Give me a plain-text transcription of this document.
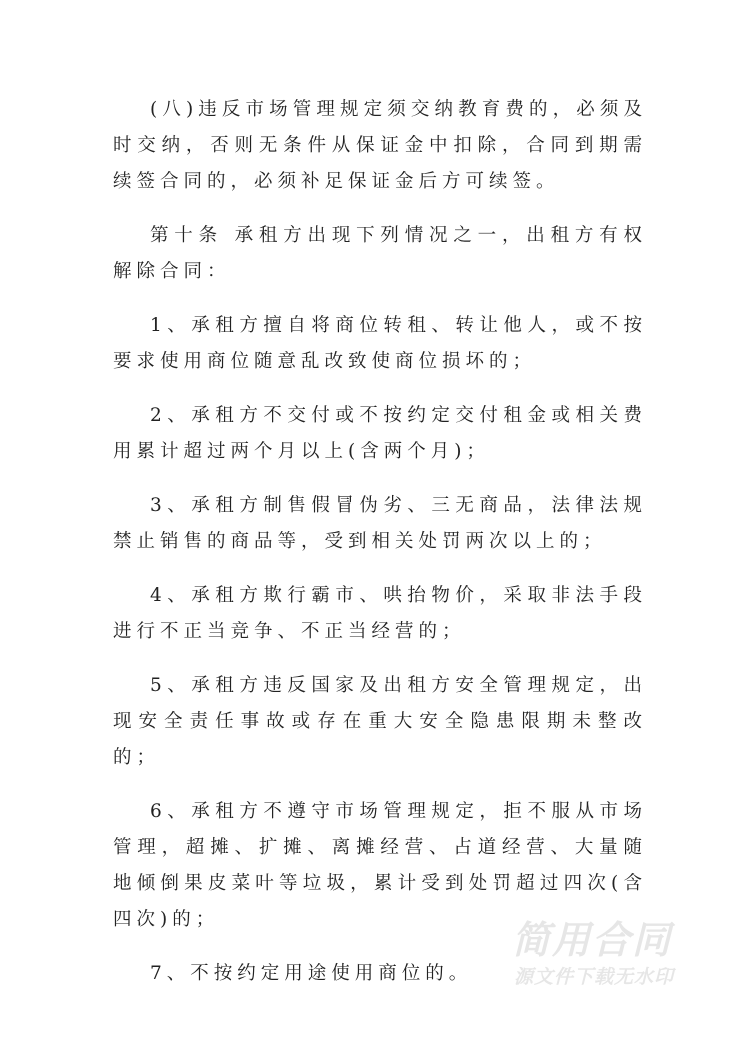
(八)违反市场管理规定须交纳教育费的，必须及时交纳，否则无条件从保证金中扣除，合同到期需续签合同的，必须补足保证金后方可续签。

第十条 承租方出现下列情况之一，出租方有权解除合同：

1、承租方擅自将商位转租、转让他人，或不按要求使用商位随意乱改致使商位损坏的；

2、承租方不交付或不按约定交付租金或相关费用累计超过两个月以上(含两个月)；

3、承租方制售假冒伪劣、三无商品，法律法规禁止销售的商品等，受到相关处罚两次以上的；

4、承租方欺行霸市、哄抬物价，采取非法手段进行不正当竞争、不正当经营的；

5、承租方违反国家及出租方安全管理规定，出现安全责任事故或存在重大安全隐患限期未整改的；

6、承租方不遵守市场管理规定，拒不服从市场管理，超摊、扩摊、离摊经营、占道经营、大量随地倾倒果皮菜叶等垃圾，累计受到处罚超过四次(含四次)的；

7、不按约定用途使用商位的。

简用合同
源文件下载无水印
